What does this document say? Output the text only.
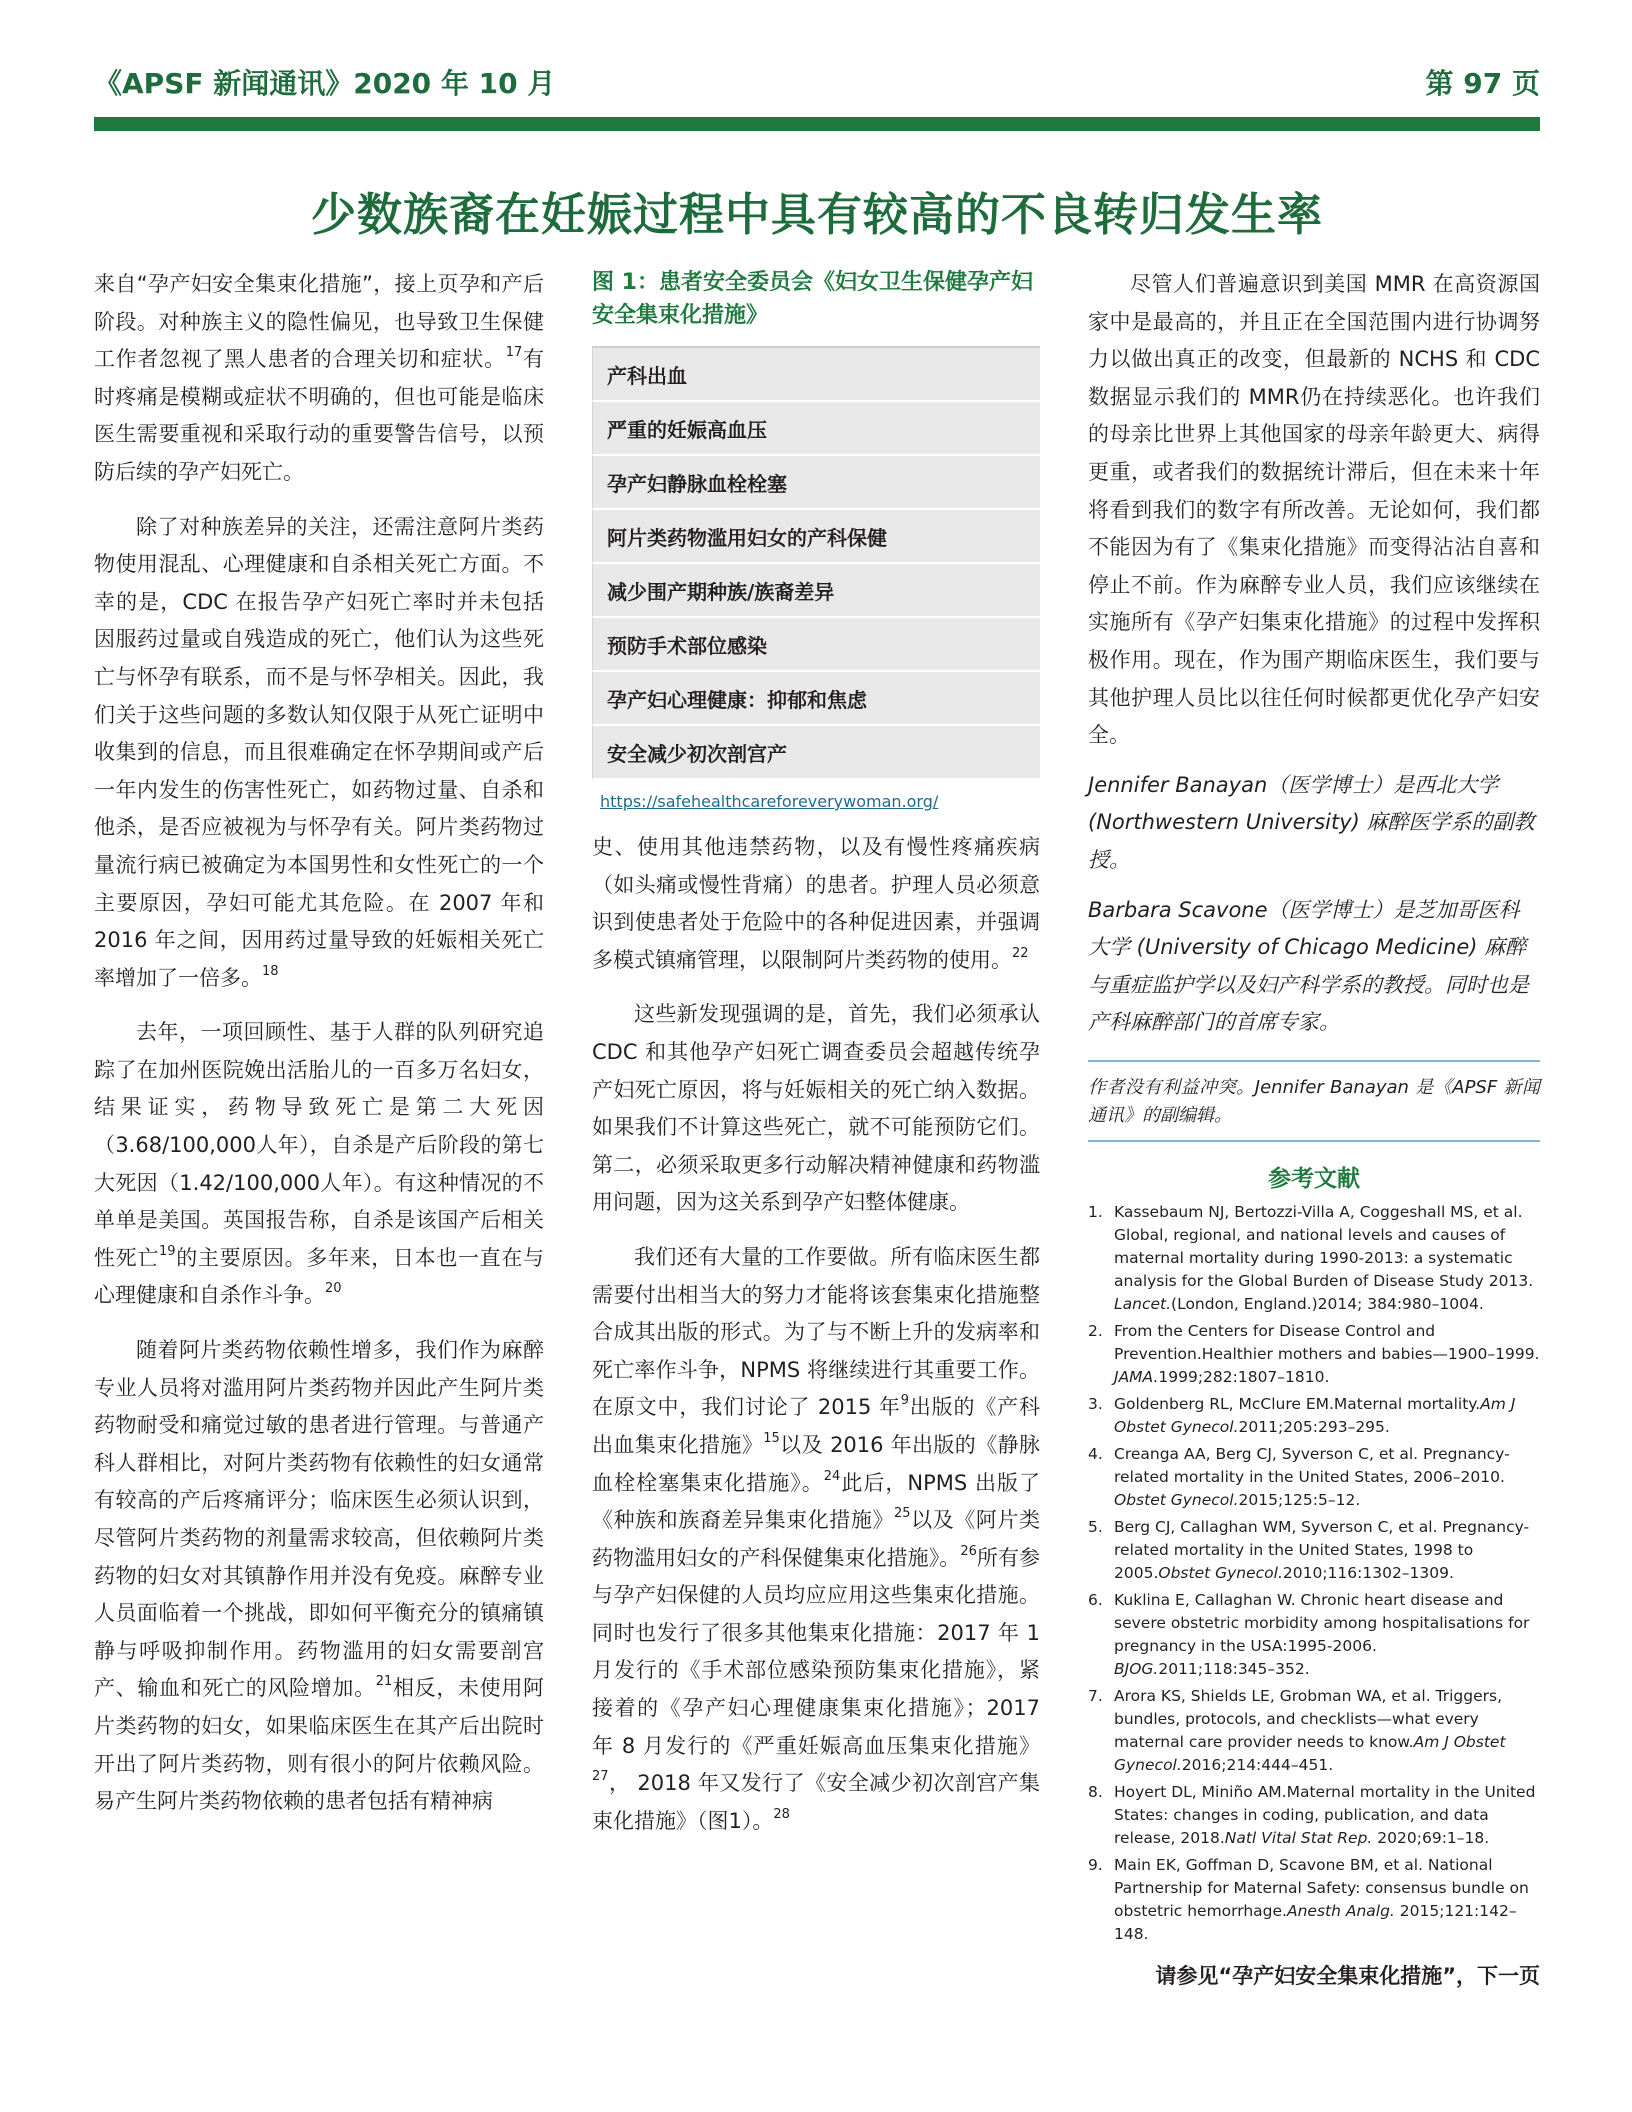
《APSF 新闻通讯》2020 年 10 月	第 97 页
少数族裔在妊娠过程中具有较高的不良转归发生率

来自“孕产妇安全集束化措施”，接上页孕和产后阶段。对种族主义的隐性偏见，也导致卫生保健工作者忽视了黑人患者的合理关切和症状。$^{17}$有时疼痛是模糊或症状不明确的，但也可能是临床医生需要重视和采取行动的重要警告信号，以预防后续的孕产妇死亡。

除了对种族差异的关注，还需注意阿片类药物使用混乱、心理健康和自杀相关死亡方面。不幸的是，CDC 在报告孕产妇死亡率时并未包括因服药过量或自残造成的死亡，他们认为这些死亡与怀孕有联系，而不是与怀孕相关。因此，我们关于这些问题的多数认知仅限于从死亡证明中收集到的信息，而且很难确定在怀孕期间或产后一年内发生的伤害性死亡，如药物过量、自杀和他杀，是否应被视为与怀孕有关。阿片类药物过量流行病已被确定为本国男性和女性死亡的一个主要原因，孕妇可能尤其危险。在 2007 年和 2016 年之间，因用药过量导致的妊娠相关死亡率增加了一倍多。$^{18}$

去年，一项回顾性、基于人群的队列研究追踪了在加州医院娩出活胎儿的一百多万名妇女，结果证实，药物导致死亡是第二大死因（3.68/100,000人年），自杀是产后阶段的第七大死因（1.42/100,000人年）。有这种情况的不单单是美国。英国报告称，自杀是该国产后相关性死亡$^{19}$的主要原因。多年来，日本也一直在与心理健康和自杀作斗争。$^{20}$

随着阿片类药物依赖性增多，我们作为麻醉专业人员将对滥用阿片类药物并因此产生阿片类药物耐受和痛觉过敏的患者进行管理。与普通产科人群相比，对阿片类药物有依赖性的妇女通常有较高的产后疼痛评分；临床医生必须认识到，尽管阿片类药物的剂量需求较高，但依赖阿片类药物的妇女对其镇静作用并没有免疫。麻醉专业人员面临着一个挑战，即如何平衡充分的镇痛镇静与呼吸抑制作用。药物滥用的妇女需要剖宫产、输血和死亡的风险增加。$^{21}$相反，未使用阿片类药物的妇女，如果临床医生在其产后出院时开出了阿片类药物，则有很小的阿片依赖风险。易产生阿片类药物依赖的患者包括有精神病

图 1：患者安全委员会《妇女卫生保健孕产妇安全集束化措施》
产科出血
严重的妊娠高血压
孕产妇静脉血栓栓塞
阿片类药物滥用妇女的产科保健
减少围产期种族/族裔差异
预防手术部位感染
孕产妇心理健康：抑郁和焦虑
安全减少初次剖宫产
https://safehealthcareforeverywoman.org/

史、使用其他违禁药物，以及有慢性疼痛疾病（如头痛或慢性背痛）的患者。护理人员必须意识到使患者处于危险中的各种促进因素，并强调多模式镇痛管理，以限制阿片类药物的使用。$^{22}$

这些新发现强调的是，首先，我们必须承认 CDC 和其他孕产妇死亡调查委员会超越传统孕产妇死亡原因，将与妊娠相关的死亡纳入数据。如果我们不计算这些死亡，就不可能预防它们。第二，必须采取更多行动解决精神健康和药物滥用问题，因为这关系到孕产妇整体健康。

我们还有大量的工作要做。所有临床医生都需要付出相当大的努力才能将该套集束化措施整合成其出版的形式。为了与不断上升的发病率和死亡率作斗争，NPMS 将继续进行其重要工作。在原文中，我们讨论了 2015 年$^9$出版的《产科出血集束化措施》$^{15}$以及 2016 年出版的《静脉血栓栓塞集束化措施》。$^{24}$此后，NPMS 出版了《种族和族裔差异集束化措施》$^{25}$以及《阿片类药物滥用妇女的产科保健集束化措施》。$^{26}$所有参与孕产妇保健的人员均应应用这些集束化措施。同时也发行了很多其他集束化措施：2017 年 1 月发行的《手术部位感染预防集束化措施》，紧接着的《孕产妇心理健康集束化措施》；2017 年 8 月发行的《严重妊娠高血压集束化措施》$^{27}$， 2018 年又发行了《安全减少初次剖宫产集束化措施》（图1）。$^{28}$

尽管人们普遍意识到美国 MMR 在高资源国家中是最高的，并且正在全国范围内进行协调努力以做出真正的改变，但最新的 NCHS 和 CDC 数据显示我们的 MMR仍在持续恶化。也许我们的母亲比世界上其他国家的母亲年龄更大、病得更重，或者我们的数据统计滞后，但在未来十年将看到我们的数字有所改善。无论如何，我们都不能因为有了《集束化措施》而变得沾沾自喜和停止不前。作为麻醉专业人员，我们应该继续在实施所有《孕产妇集束化措施》的过程中发挥积极作用。现在，作为围产期临床医生，我们要与其他护理人员比以往任何时候都更优化孕产妇安全。

Jennifer Banayan（医学博士）是西北大学 (Northwestern University) 麻醉医学系的副教授。
Barbara Scavone（医学博士）是芝加哥医科大学 (University of Chicago Medicine) 麻醉与重症监护学以及妇产科学系的教授。同时也是产科麻醉部门的首席专家。

作者没有利益冲突。Jennifer Banayan 是《APSF 新闻通讯》的副编辑。

参考文献
1. Kassebaum NJ, Bertozzi-Villa A, Coggeshall MS, et al. Global, regional, and national levels and causes of maternal mortality during 1990-2013: a systematic analysis for the Global Burden of Disease Study 2013. Lancet.(London, England.)2014; 384:980–1004.
2. From the Centers for Disease Control and Prevention.Healthier mothers and babies—1900–1999. JAMA.1999;282:1807–1810.
3. Goldenberg RL, McClure EM.Maternal mortality.Am J Obstet Gynecol.2011;205:293–295.
4. Creanga AA, Berg CJ, Syverson C, et al. Pregnancy-related mortality in the United States, 2006–2010. Obstet Gynecol.2015;125:5–12.
5. Berg CJ, Callaghan WM, Syverson C, et al. Pregnancy-related mortality in the United States, 1998 to 2005.Obstet Gynecol.2010;116:1302–1309.
6. Kuklina E, Callaghan W. Chronic heart disease and severe obstetric morbidity among hospitalisations for pregnancy in the USA:1995-2006. BJOG.2011;118:345–352.
7. Arora KS, Shields LE, Grobman WA, et al. Triggers, bundles, protocols, and checklists—what every maternal care provider needs to know.Am J Obstet Gynecol.2016;214:444–451.
8. Hoyert DL, Miniño AM.Maternal mortality in the United States: changes in coding, publication, and data release, 2018.Natl Vital Stat Rep. 2020;69:1–18.
9. Main EK, Goffman D, Scavone BM, et al. National Partnership for Maternal Safety: consensus bundle on obstetric hemorrhage.Anesth Analg. 2015;121:142–148.
请参见“孕产妇安全集束化措施”，下一页
